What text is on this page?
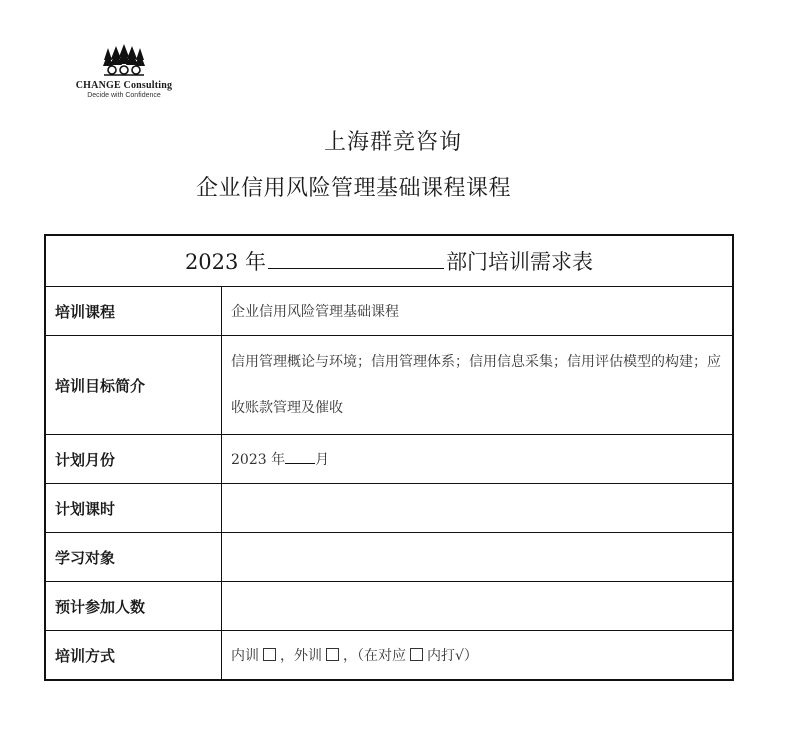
CHANGE Consulting
Decide with Confidence
上海群竞咨询
企业信用风险管理基础课程课程
2023 年 部门培训需求表	
培训课程	企业信用风险管理基础课程
培训目标简介	信用管理概论与环境；信用管理体系；信用信息采集；信用评估模型的构建；应收账款管理及催收
计划月份	2023 年 月
计划课时	
学习对象	
预计参加人数	
培训方式	内训 ，外训 ，（在对应 内打√）
